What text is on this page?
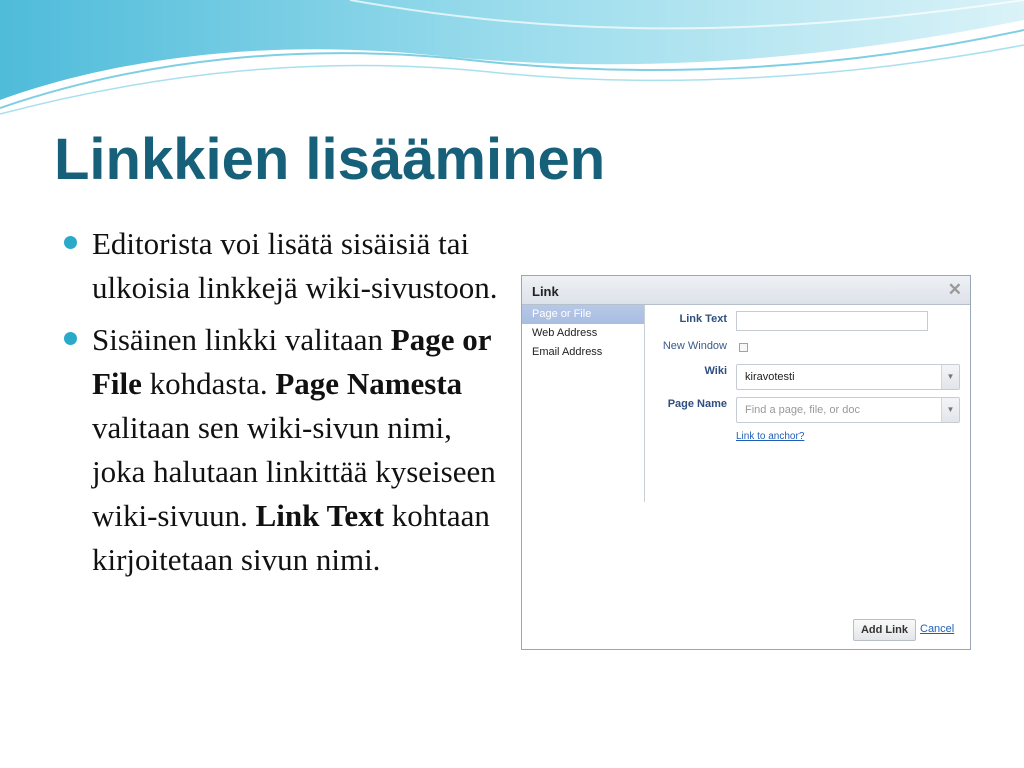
Linkkien lisääminen
Editorista voi lisätä sisäisiä tai ulkoisia linkkejä wiki-sivustoon.
Sisäinen linkki valitaan Page or File kohdasta. Page Namesta valitaan sen wiki-sivun nimi, joka halutaan linkittää kyseiseen wiki-sivuun. Link Text kohtaan kirjoitetaan sivun nimi.
Link	✕
Page or File
Web Address
Email Address
Link Text
New Window
Wiki kiravotesti	▼
Page Name Find a page, file, or doc	▼
Link to anchor?
Add Link	Cancel
